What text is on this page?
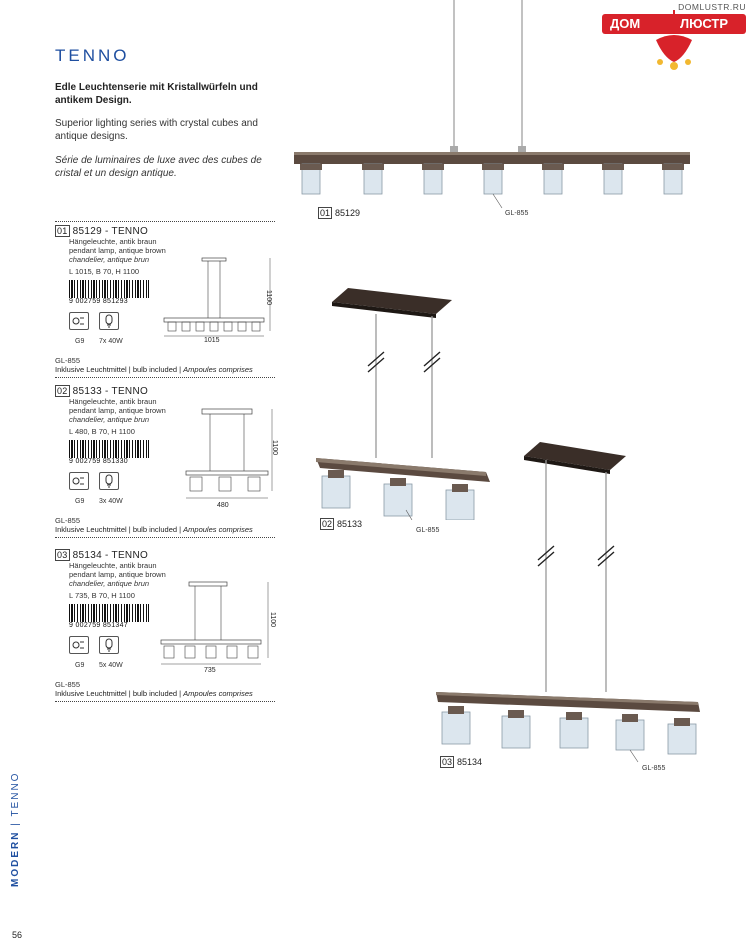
TENNO
Edle Leuchtenserie mit Kristallwürfeln und antikem Design.
Superior lighting series with crystal cubes and antique designs.
Série de luminaires de luxe avec des cubes de cristal et un design antique.
DOMLUSTR.RU
ДОМ	ЛЮСТР
01 85129 - TENNO
Hängeleuchte, antik braun
pendant lamp, antique brown
chandelier, antique brun
L 1015, B 70, H 1100
9 002759 851293
G9 7x 40W
GL-855
Inklusive Leuchtmittel | bulb included | Ampoules comprises
02 85133 - TENNO
Hängeleuchte, antik braun
pendant lamp, antique brown
chandelier, antique brun
L 480, B 70, H 1100
9 002759 851330
G9 3x 40W
GL-855
Inklusive Leuchtmittel | bulb included | Ampoules comprises
03 85134 - TENNO
Hängeleuchte, antik braun
pendant lamp, antique brown
chandelier, antique brun
L 735, B 70, H 1100
9 002759 851347
G9 5x 40W
GL-855
Inklusive Leuchtmittel | bulb included | Ampoules comprises
1015
1100
480
1100
735
1100
01 85129	GL-855
02 85133
GL-855
03 85134
GL-855
MODERN | TENNO
56
